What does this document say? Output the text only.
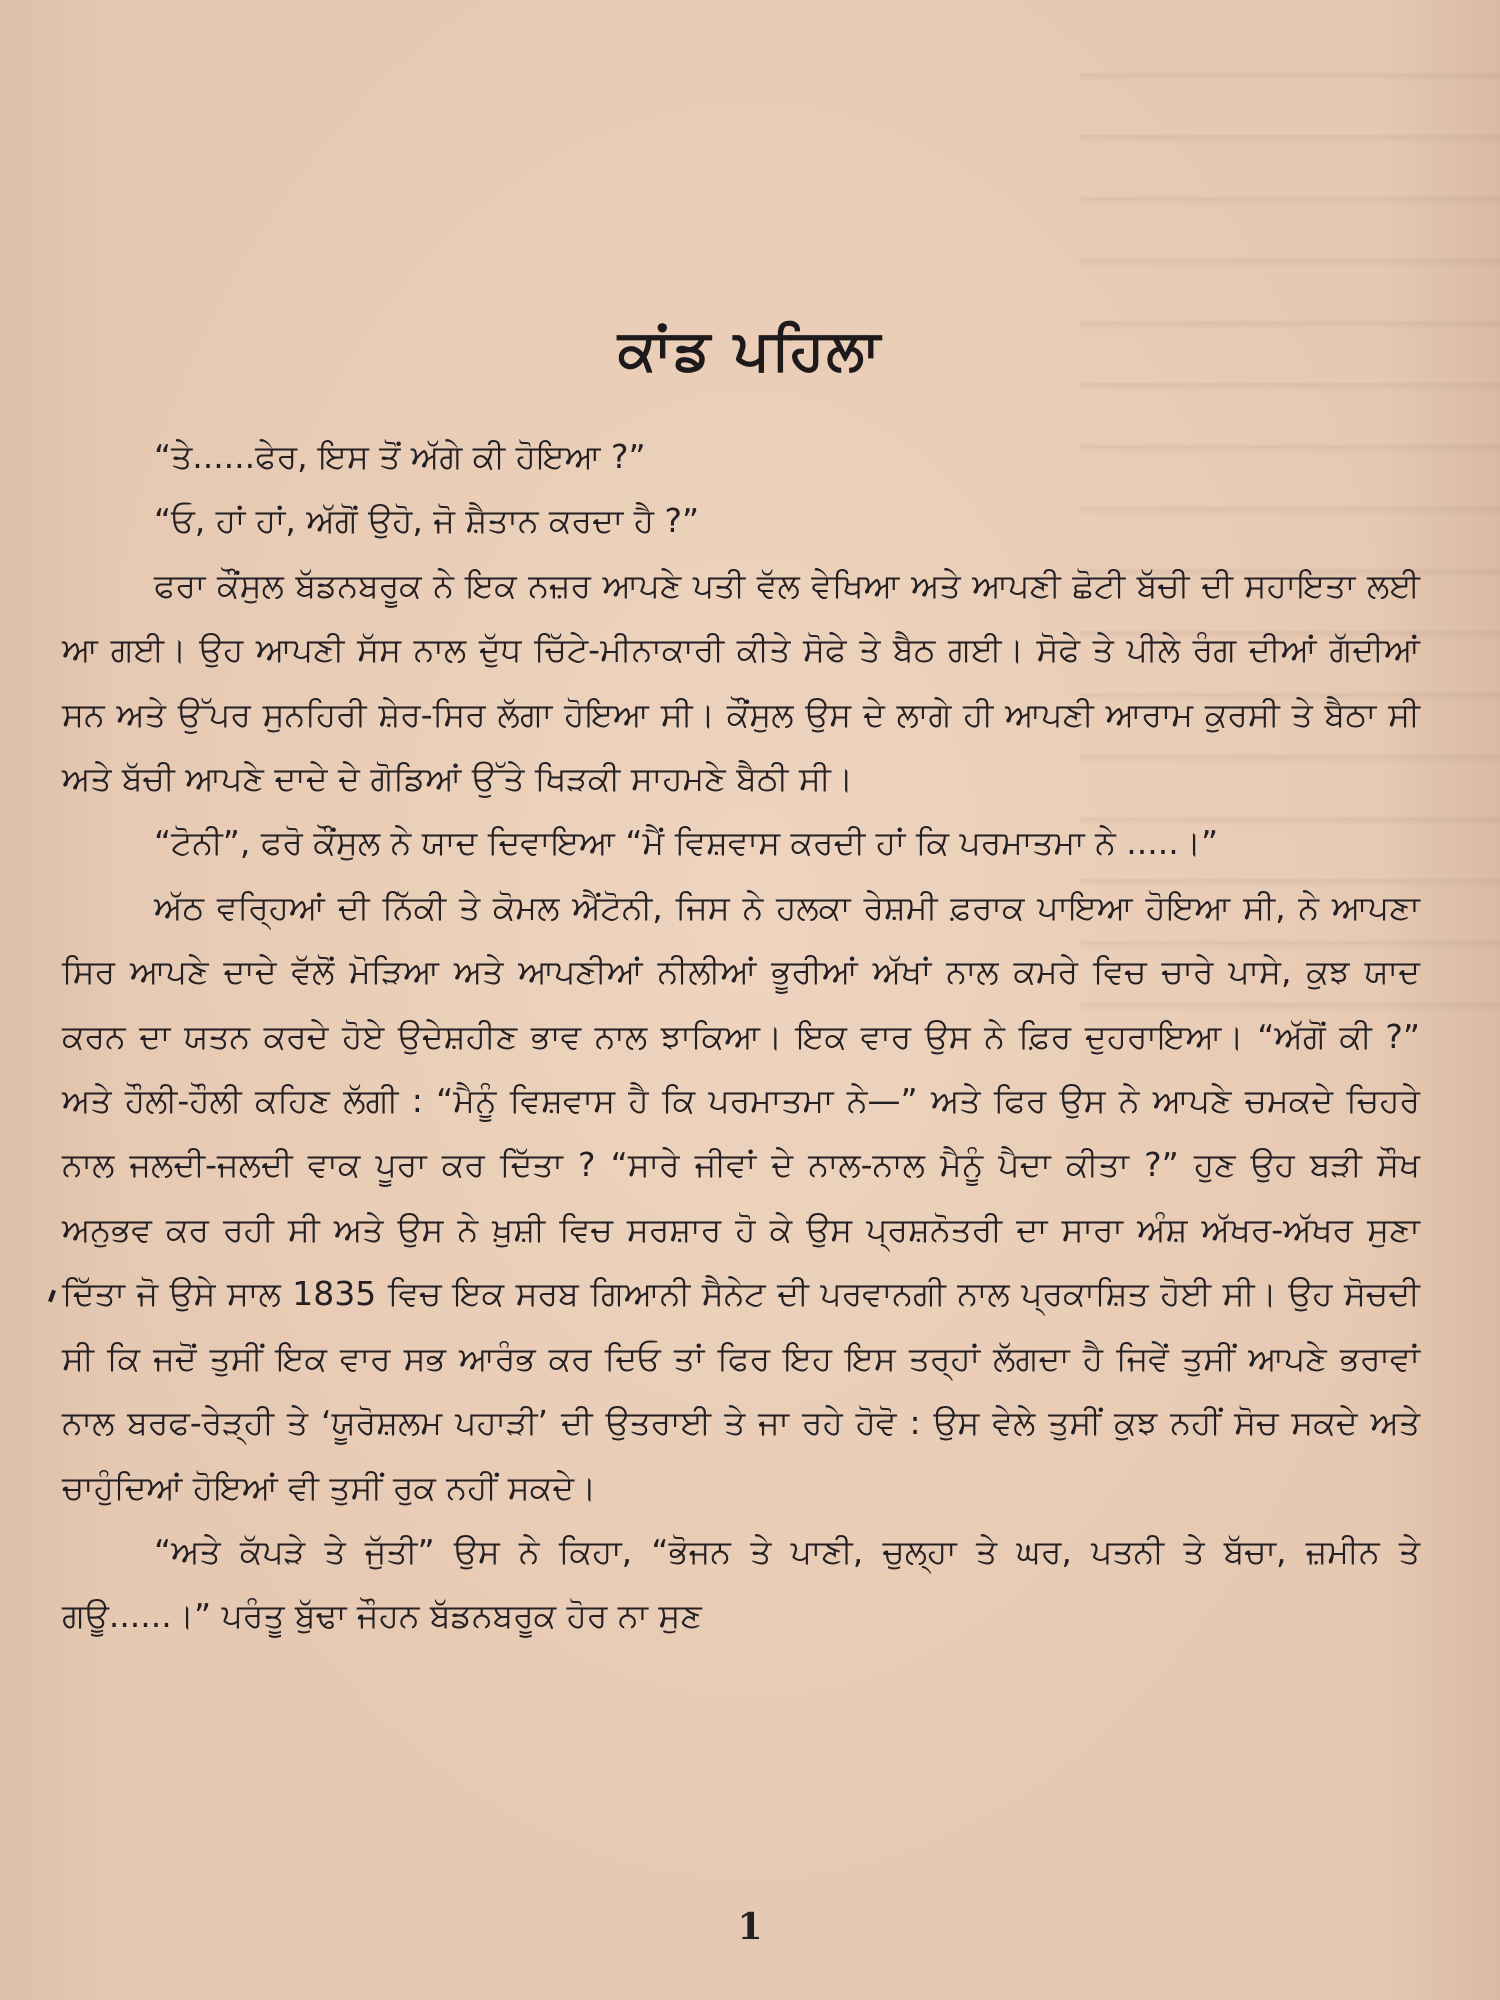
ਕਾਂਡ ਪਹਿਲਾ

“ਤੇ......ਫੇਰ, ਇਸ ਤੋਂ ਅੱਗੇ ਕੀ ਹੋਇਆ ?”

“ਓ, ਹਾਂ ਹਾਂ, ਅੱਗੋਂ ਉਹੋ, ਜੋ ਸ਼ੈਤਾਨ ਕਰਦਾ ਹੈ ?”

ਫਰਾ ਕੌਂਸੁਲ ਬੱਡਨਬਰੂਕ ਨੇ ਇਕ ਨਜ਼ਰ ਆਪਣੇ ਪਤੀ ਵੱਲ ਵੇਖਿਆ ਅਤੇ ਆਪਣੀ ਛੋਟੀ ਬੱਚੀ ਦੀ ਸਹਾਇਤਾ ਲਈ ਆ ਗਈ। ਉਹ ਆਪਣੀ ਸੱਸ ਨਾਲ ਦੁੱਧ ਚਿੱਟੇ-ਮੀਨਾਕਾਰੀ ਕੀਤੇ ਸੋਫੇ ਤੇ ਬੈਠ ਗਈ। ਸੋਫੇ ਤੇ ਪੀਲੇ ਰੰਗ ਦੀਆਂ ਗੱਦੀਆਂ ਸਨ ਅਤੇ ਉੱਪਰ ਸੁਨਹਿਰੀ ਸ਼ੇਰ-ਸਿਰ ਲੱਗਾ ਹੋਇਆ ਸੀ। ਕੌਂਸੁਲ ਉਸ ਦੇ ਲਾਗੇ ਹੀ ਆਪਣੀ ਆਰਾਮ ਕੁਰਸੀ ਤੇ ਬੈਠਾ ਸੀ ਅਤੇ ਬੱਚੀ ਆਪਣੇ ਦਾਦੇ ਦੇ ਗੋਡਿਆਂ ਉੱਤੇ ਖਿੜਕੀ ਸਾਹਮਣੇ ਬੈਠੀ ਸੀ।

“ਟੋਨੀ”, ਫਰੋ ਕੌਂਸੁਲ ਨੇ ਯਾਦ ਦਿਵਾਇਆ “ਮੈਂ ਵਿਸ਼ਵਾਸ ਕਰਦੀ ਹਾਂ ਕਿ ਪਰਮਾਤਮਾ ਨੇ .....।”

ਅੱਠ ਵਰ੍ਹਿਆਂ ਦੀ ਨਿੱਕੀ ਤੇ ਕੋਮਲ ਐਂਟੋਨੀ, ਜਿਸ ਨੇ ਹਲਕਾ ਰੇਸ਼ਮੀ ਫ਼ਰਾਕ ਪਾਇਆ ਹੋਇਆ ਸੀ, ਨੇ ਆਪਣਾ ਸਿਰ ਆਪਣੇ ਦਾਦੇ ਵੱਲੋਂ ਮੋੜਿਆ ਅਤੇ ਆਪਣੀਆਂ ਨੀਲੀਆਂ ਭੂਰੀਆਂ ਅੱਖਾਂ ਨਾਲ ਕਮਰੇ ਵਿਚ ਚਾਰੇ ਪਾਸੇ, ਕੁਝ ਯਾਦ ਕਰਨ ਦਾ ਯਤਨ ਕਰਦੇ ਹੋਏ ਉਦੇਸ਼ਹੀਣ ਭਾਵ ਨਾਲ ਝਾਕਿਆ। ਇਕ ਵਾਰ ਉਸ ਨੇ ਫ਼ਿਰ ਦੁਹਰਾਇਆ। “ਅੱਗੋਂ ਕੀ ?” ਅਤੇ ਹੌਲੀ-ਹੌਲੀ ਕਹਿਣ ਲੱਗੀ : “ਮੈਨੂੰ ਵਿਸ਼ਵਾਸ ਹੈ ਕਿ ਪਰਮਾਤਮਾ ਨੇ—” ਅਤੇ ਫਿਰ ਉਸ ਨੇ ਆਪਣੇ ਚਮਕਦੇ ਚਿਹਰੇ ਨਾਲ ਜਲਦੀ-ਜਲਦੀ ਵਾਕ ਪੂਰਾ ਕਰ ਦਿੱਤਾ ? “ਸਾਰੇ ਜੀਵਾਂ ਦੇ ਨਾਲ-ਨਾਲ ਮੈਨੂੰ ਪੈਦਾ ਕੀਤਾ ?” ਹੁਣ ਉਹ ਬੜੀ ਸੌਖ ਅਨੁਭਵ ਕਰ ਰਹੀ ਸੀ ਅਤੇ ਉਸ ਨੇ ਖ਼ੁਸ਼ੀ ਵਿਚ ਸਰਸ਼ਾਰ ਹੋ ਕੇ ਉਸ ਪ੍ਰਸ਼ਨੋਤਰੀ ਦਾ ਸਾਰਾ ਅੰਸ਼ ਅੱਖਰ-ਅੱਖਰ ਸੁਣਾ ਦਿੱਤਾ ਜੋ ਉਸੇ ਸਾਲ 1835 ਵਿਚ ਇਕ ਸਰਬ ਗਿਆਨੀ ਸੈਨੇਟ ਦੀ ਪਰਵਾਨਗੀ ਨਾਲ ਪ੍ਰਕਾਸ਼ਿਤ ਹੋਈ ਸੀ। ਉਹ ਸੋਚਦੀ ਸੀ ਕਿ ਜਦੋਂ ਤੁਸੀਂ ਇਕ ਵਾਰ ਸਭ ਆਰੰਭ ਕਰ ਦਿਓ ਤਾਂ ਫਿਰ ਇਹ ਇਸ ਤਰ੍ਹਾਂ ਲੱਗਦਾ ਹੈ ਜਿਵੇਂ ਤੁਸੀਂ ਆਪਣੇ ਭਰਾਵਾਂ ਨਾਲ ਬਰਫ-ਰੇੜ੍ਹੀ ਤੇ ‘ਯੂਰੋਸ਼ਲਮ ਪਹਾੜੀ’ ਦੀ ਉਤਰਾਈ ਤੇ ਜਾ ਰਹੇ ਹੋਵੋ : ਉਸ ਵੇਲੇ ਤੁਸੀਂ ਕੁਝ ਨਹੀਂ ਸੋਚ ਸਕਦੇ ਅਤੇ ਚਾਹੁੰਦਿਆਂ ਹੋਇਆਂ ਵੀ ਤੁਸੀਂ ਰੁਕ ਨਹੀਂ ਸਕਦੇ।

“ਅਤੇ ਕੱਪੜੇ ਤੇ ਜੁੱਤੀ” ਉਸ ਨੇ ਕਿਹਾ, “ਭੋਜਨ ਤੇ ਪਾਣੀ, ਚੁਲ੍ਹਾ ਤੇ ਘਰ, ਪਤਨੀ ਤੇ ਬੱਚਾ, ਜ਼ਮੀਨ ਤੇ ਗਊ......।” ਪਰੰਤੂ ਬੁੱਢਾ ਜੌਹਨ ਬੱਡਨਬਰੂਕ ਹੋਰ ਨਾ ਸੁਣ

1
